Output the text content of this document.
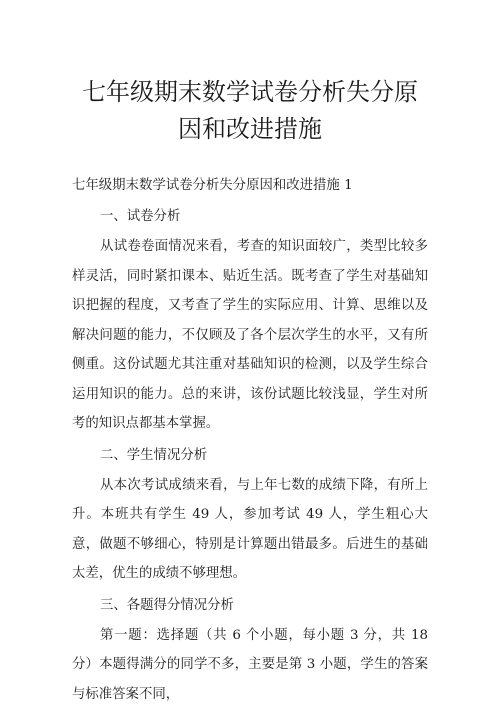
七年级期末数学试卷分析失分原因和改进措施

七年级期末数学试卷分析失分原因和改进措施 1

一、试卷分析

从试卷卷面情况来看，考查的知识面较广，类型比较多样灵活，同时紧扣课本、贴近生活。既考查了学生对基础知识把握的程度，又考查了学生的实际应用、计算、思维以及解决问题的能力，不仅顾及了各个层次学生的水平，又有所侧重。这份试题尤其注重对基础知识的检测，以及学生综合运用知识的能力。总的来讲，该份试题比较浅显，学生对所考的知识点都基本掌握。

二、学生情况分析

从本次考试成绩来看，与上年七数的成绩下降，有所上升。本班共有学生 49 人，参加考试 49 人，学生粗心大意，做题不够细心，特别是计算题出错最多。后进生的基础太差，优生的成绩不够理想。

三、各题得分情况分析

第一题：选择题（共 6 个小题，每小题 3 分，共 18 分）本题得满分的同学不多，主要是第 3 小题，学生的答案与标准答案不同，
